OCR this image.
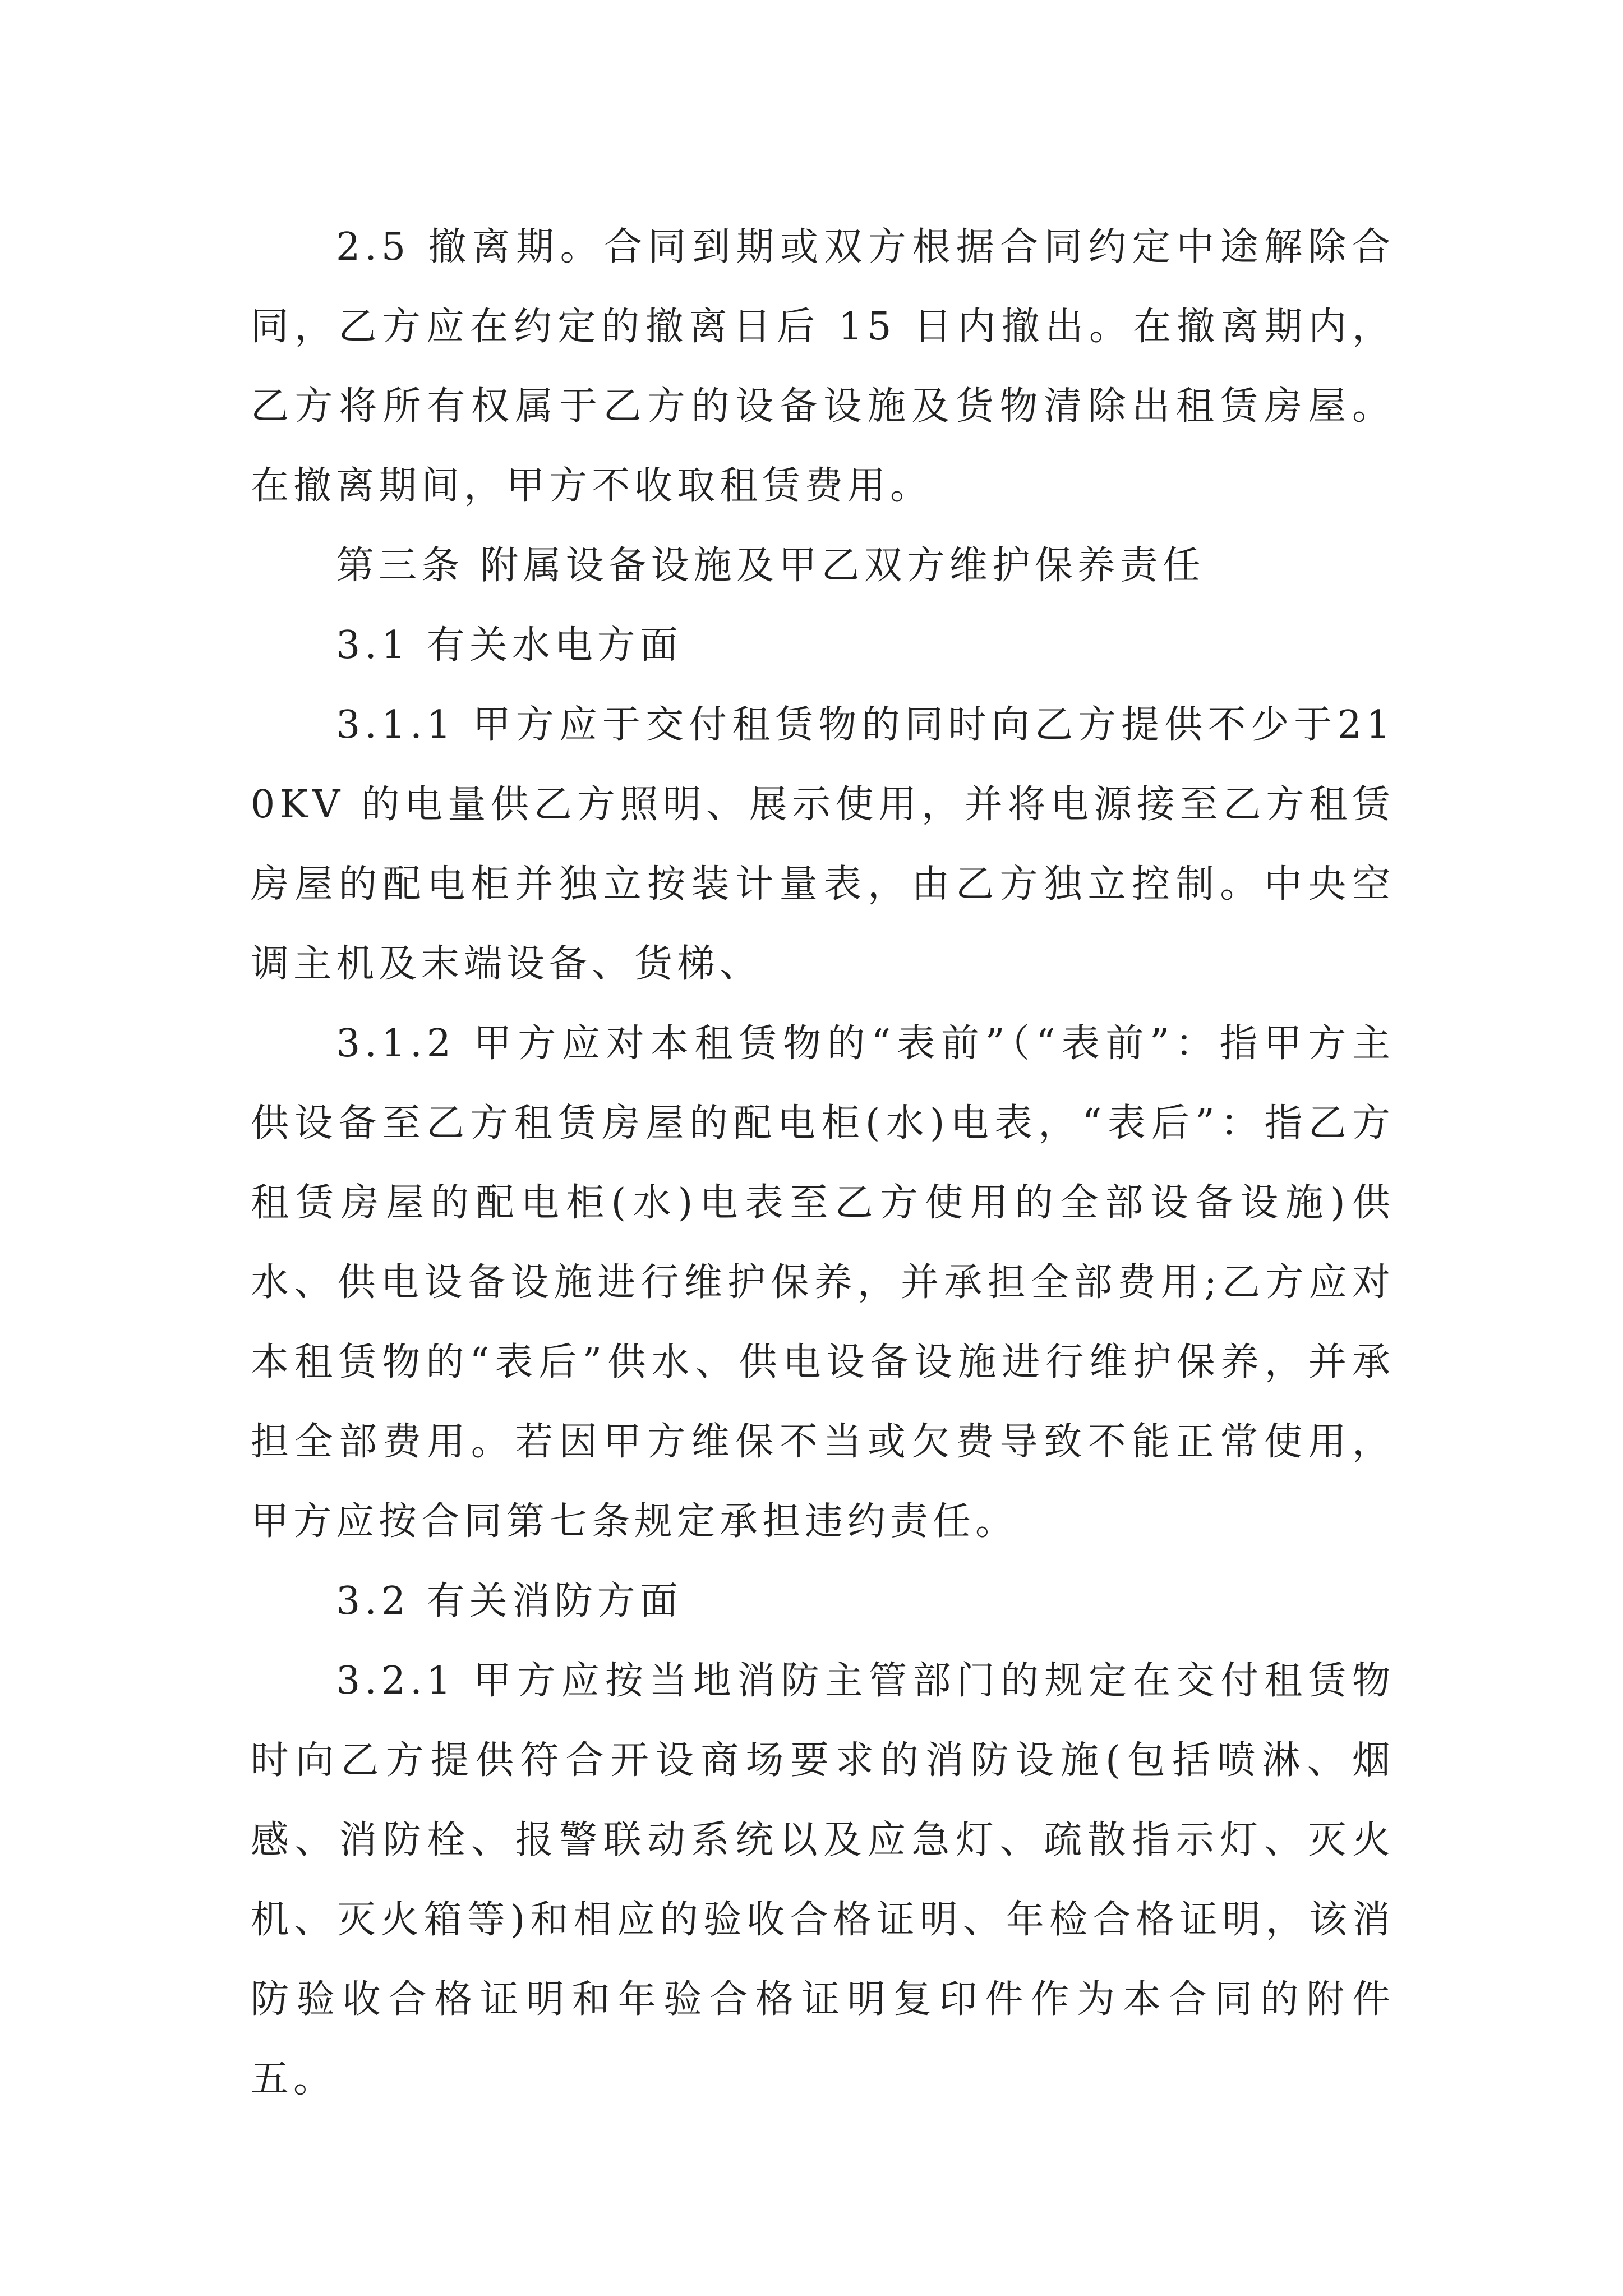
2.5 撤离期。合同到期或双方根据合同约定中途解除合同，乙方应在约定的撤离日后 15 日内撤出。在撤离期内，乙方将所有权属于乙方的设备设施及货物清除出租赁房屋。在撤离期间，甲方不收取租赁费用。

第三条 附属设备设施及甲乙双方维护保养责任

3.1 有关水电方面

3.1.1 甲方应于交付租赁物的同时向乙方提供不少于210KV 的电量供乙方照明、展示使用，并将电源接至乙方租赁房屋的配电柜并独立按装计量表，由乙方独立控制。中央空调主机及末端设备、货梯、

3.1.2 甲方应对本租赁物的“表前”（“表前”：指甲方主供设备至乙方租赁房屋的配电柜(水)电表，“表后”：指乙方租赁房屋的配电柜(水)电表至乙方使用的全部设备设施)供水、供电设备设施进行维护保养，并承担全部费用;乙方应对本租赁物的“表后”供水、供电设备设施进行维护保养，并承担全部费用。若因甲方维保不当或欠费导致不能正常使用，甲方应按合同第七条规定承担违约责任。

3.2 有关消防方面

3.2.1 甲方应按当地消防主管部门的规定在交付租赁物时向乙方提供符合开设商场要求的消防设施(包括喷淋、烟感、消防栓、报警联动系统以及应急灯、疏散指示灯、灭火机、灭火箱等)和相应的验收合格证明、年检合格证明，该消防验收合格证明和年验合格证明复印件作为本合同的附件五。
